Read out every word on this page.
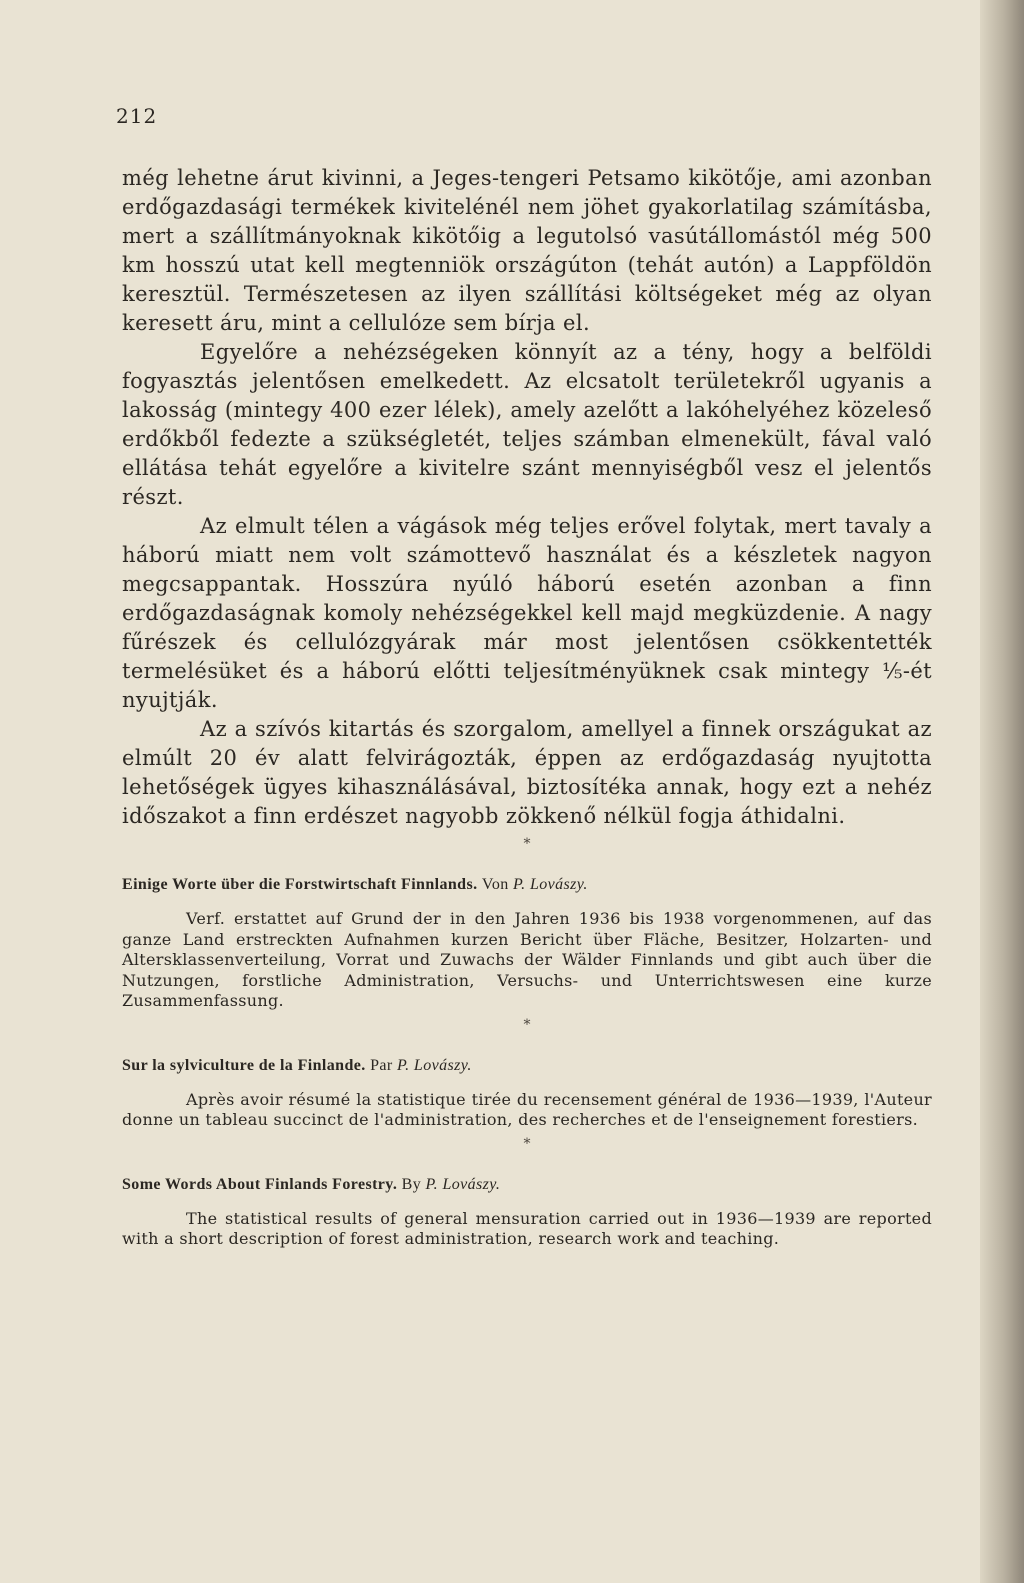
212

még lehetne árut kivinni, a Jeges-tengeri Petsamo kikötője, ami azonban erdőgazdasági termékek kivitelénél nem jöhet gyakorlatilag számításba, mert a szállítmányoknak kikötőig a legutolsó vasútállomástól még 500 km hosszú utat kell megtenniök országúton (tehát autón) a Lappföldön keresztül. Természetesen az ilyen szállítási költségeket még az olyan keresett áru, mint a cellulóze sem bírja el.

Egyelőre a nehézségeken könnyít az a tény, hogy a belföldi fogyasztás jelentősen emelkedett. Az elcsatolt területekről ugyanis a lakosság (mintegy 400 ezer lélek), amely azelőtt a lakóhelyéhez közeleső erdőkből fedezte a szükségletét, teljes számban elmenekült, fával való ellátása tehát egyelőre a kivitelre szánt mennyiségből vesz el jelentős részt.

Az elmult télen a vágások még teljes erővel folytak, mert tavaly a háború miatt nem volt számottevő használat és a készletek nagyon megcsappantak. Hosszúra nyúló háború esetén azonban a finn erdőgazdaságnak komoly nehézségekkel kell majd megküzdenie. A nagy fűrészek és cellulózgyárak már most jelentősen csökkentették termelésüket és a háború előtti teljesítményüknek csak mintegy ⅕-ét nyujtják.

Az a szívós kitartás és szorgalom, amellyel a finnek országukat az elmúlt 20 év alatt felvirágozták, éppen az erdőgazdaság nyujtotta lehetőségek ügyes kihasználásával, biztosítéka annak, hogy ezt a nehéz időszakot a finn erdészet nagyobb zökkenő nélkül fogja áthidalni.

*

Einige Worte über die Forstwirtschaft Finnlands. Von P. Lovászy.

Verf. erstattet auf Grund der in den Jahren 1936 bis 1938 vorgenommenen, auf das ganze Land erstreckten Aufnahmen kurzen Bericht über Fläche, Besitzer, Holzarten- und Altersklassenverteilung, Vorrat und Zuwachs der Wälder Finnlands und gibt auch über die Nutzungen, forstliche Administration, Versuchs- und Unterrichtswesen eine kurze Zusammenfassung.

*

Sur la sylviculture de la Finlande. Par P. Lovászy.

Après avoir résumé la statistique tirée du recensement général de 1936—1939, l'Auteur donne un tableau succinct de l'administration, des recherches et de l'enseignement forestiers.

*

Some Words About Finlands Forestry. By P. Lovászy.

The statistical results of general mensuration carried out in 1936—1939 are reported with a short description of forest administration, research work and teaching.
